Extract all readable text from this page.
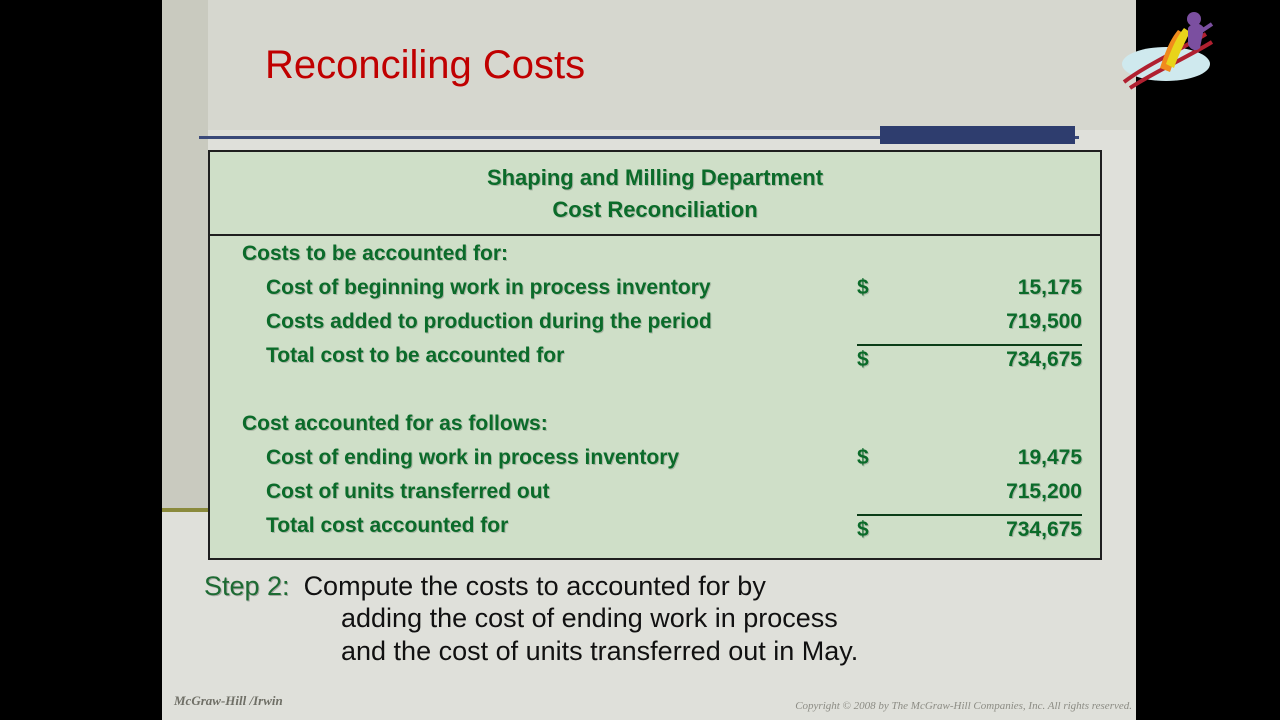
Reconciling Costs
Shaping and Milling Department
Cost Reconciliation
Costs to be accounted for:
Cost of beginning work in process inventory	$	15,175
Costs added to production during the period	719,500
Total cost to be accounted for	$	734,675
Cost accounted for as follows:
Cost of ending work in process inventory	$	19,475
Cost of units transferred out	715,200
Total cost accounted for	$	734,675
Step 2: Compute the costs to accounted for by
adding the cost of ending work in process
and the cost of units transferred out in May.
McGraw-Hill /Irwin	Copyright © 2008 by The McGraw-Hill Companies, Inc. All rights reserved.
